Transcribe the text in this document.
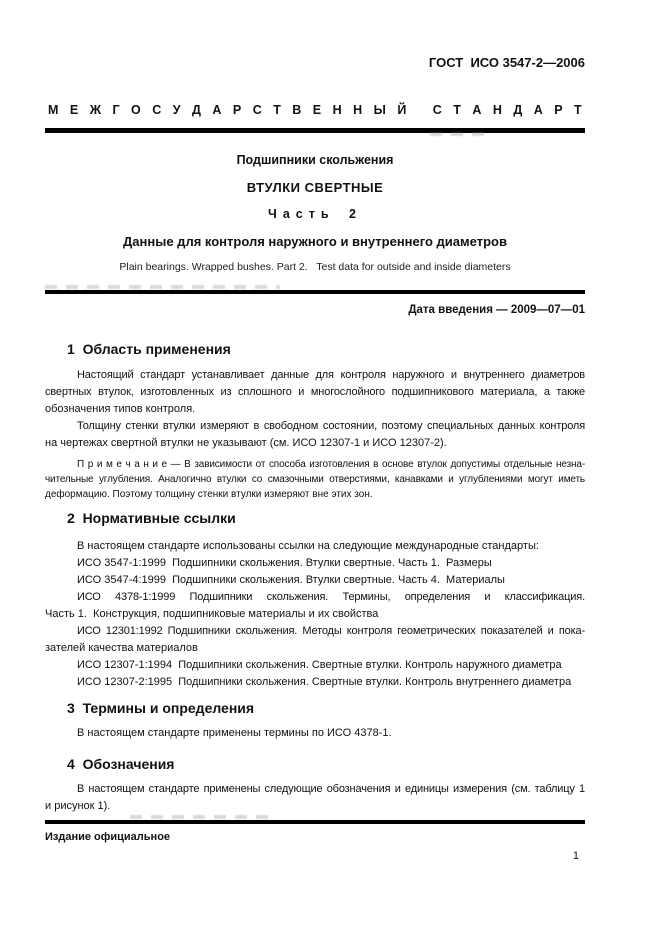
ГОСТ  ИСО 3547-2—2006
М Е Ж Г О С У Д А Р С Т В Е Н Н Ы Й
С Т А Н Д А Р Т
Подшипники скольжения
ВТУЛКИ СВЕРТНЫЕ
Часть 2
Данные для контроля наружного и внутреннего диаметров
Plain bearings. Wrapped bushes. Part 2.   Test data for outside and inside diameters
Дата введения — 2009—07—01
1  Область применения
Настоящий стандарт устанавливает данные для контроля наружного и внутреннего диаметров
свертных втулок, изготовленных из сплошного и многослойного подшипникового материала, а также
обозначения типов контроля.
Толщину стенки втулки измеряют в свободном состоянии, поэтому специальных данных контроля
на чертежах свертной втулки не указывают (см. ИСО 12307-1 и ИСО 12307-2).
П р и м е ч а н и е — В зависимости от способа изготовления в основе втулок допустимы отдельные незна-
чительные углубления. Аналогично втулки со смазочными отверстиями, канавками и углублениями могут иметь
деформацию. Поэтому толщину стенки втулки измеряют вне этих зон.
2  Нормативные ссылки
В настоящем стандарте использованы ссылки на следующие международные стандарты:
ИСО 3547-1:1999  Подшипники скольжения. Втулки свертные. Часть 1.  Размеры
ИСО 3547-4:1999  Подшипники скольжения. Втулки свертные. Часть 4.  Материалы
ИСО 4378-1:1999 Подшипники скольжения. Термины, определения и классификация.
Часть 1.  Конструкция, подшипниковые материалы и их свойства
ИСО 12301:1992 Подшипники скольжения. Методы контроля геометрических показателей и пока-
зателей качества материалов
ИСО 12307-1:1994  Подшипники скольжения. Свертные втулки. Контроль наружного диаметра
ИСО 12307-2:1995  Подшипники скольжения. Свертные втулки. Контроль внутреннего диаметра
3  Термины и определения
В настоящем стандарте применены термины по ИСО 4378-1.
4  Обозначения
В настоящем стандарте применены следующие обозначения и единицы измерения (см. таблицу 1
и рисунок 1).
Издание официальное
1
